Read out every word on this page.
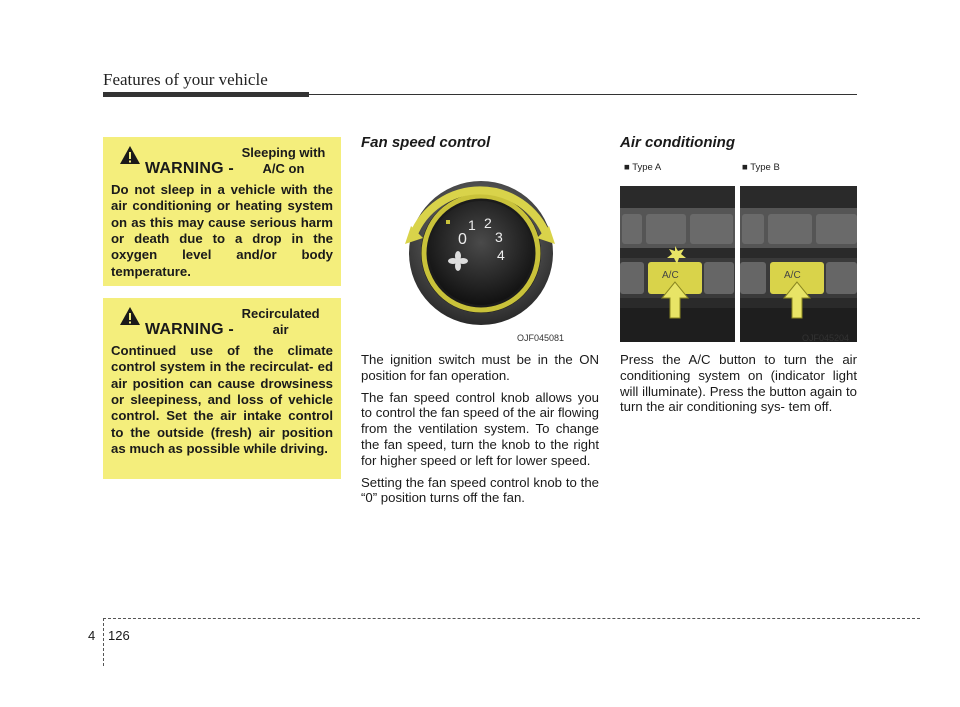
Features of your vehicle
WARNING - Sleeping with
A/C on
Do not sleep in a vehicle with the air conditioning or heating system on as this may cause serious harm or death due to a drop in the oxygen level and/or body temperature.
WARNING - Recirculated
air
Continued use of the climate control system in the recirculat- ed air position can cause drowsiness or sleepiness, and loss of vehicle control. Set the air intake control to the outside (fresh) air position as much as possible while driving.
Fan speed control
0
1 2
3
4
OJF045081

The ignition switch must be in the ON position for fan operation.

The fan speed control knob allows you to control the fan speed of the air flowing from the ventilation system. To change the fan speed, turn the knob to the right for higher speed or left for lower speed.

Setting the fan speed control knob to the “0” position turns off the fan.

Air conditioning
A/C	A/C
■ Type A	■ Type B
OJF045204

Press the A/C button to turn the air conditioning system on (indicator light will illuminate). Press the button again to turn the air conditioning sys- tem off.

4 126
